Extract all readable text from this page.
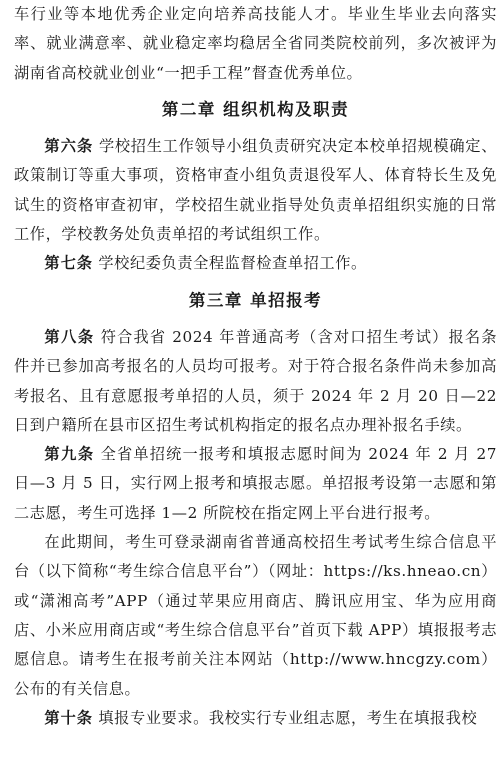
车行业等本地优秀企业定向培养高技能人才。毕业生毕业去向落实率、就业满意率、就业稳定率均稳居全省同类院校前列，多次被评为湖南省高校就业创业“一把手工程”督查优秀单位。

第二章 组织机构及职责

第六条 学校招生工作领导小组负责研究决定本校单招规模确定、政策制订等重大事项，资格审查小组负责退役军人、体育特长生及免试生的资格审查初审，学校招生就业指导处负责单招组织实施的日常工作，学校教务处负责单招的考试组织工作。

第七条 学校纪委负责全程监督检查单招工作。

第三章 单招报考

第八条 符合我省 2024 年普通高考（含对口招生考试）报名条件并已参加高考报名的人员均可报考。对于符合报名条件尚未参加高考报名、且有意愿报考单招的人员，须于 2024 年 2 月 20 日—22 日到户籍所在县市区招生考试机构指定的报名点办理补报名手续。

第九条 全省单招统一报考和填报志愿时间为 2024 年 2 月 27 日—3 月 5 日，实行网上报考和填报志愿。单招报考设第一志愿和第二志愿，考生可选择 1—2 所院校在指定网上平台进行报考。

在此期间，考生可登录湖南省普通高校招生考试考生综合信息平台（以下简称“考生综合信息平台”）（网址：https://ks.hneao.cn）或“潇湘高考”APP（通过苹果应用商店、腾讯应用宝、华为应用商店、小米应用商店或“考生综合信息平台”首页下载 APP）填报报考志愿信息。请考生在报考前关注本网站（http://www.hncgzy.com）公布的有关信息。

第十条 填报专业要求。我校实行专业组志愿，考生在填报我校
